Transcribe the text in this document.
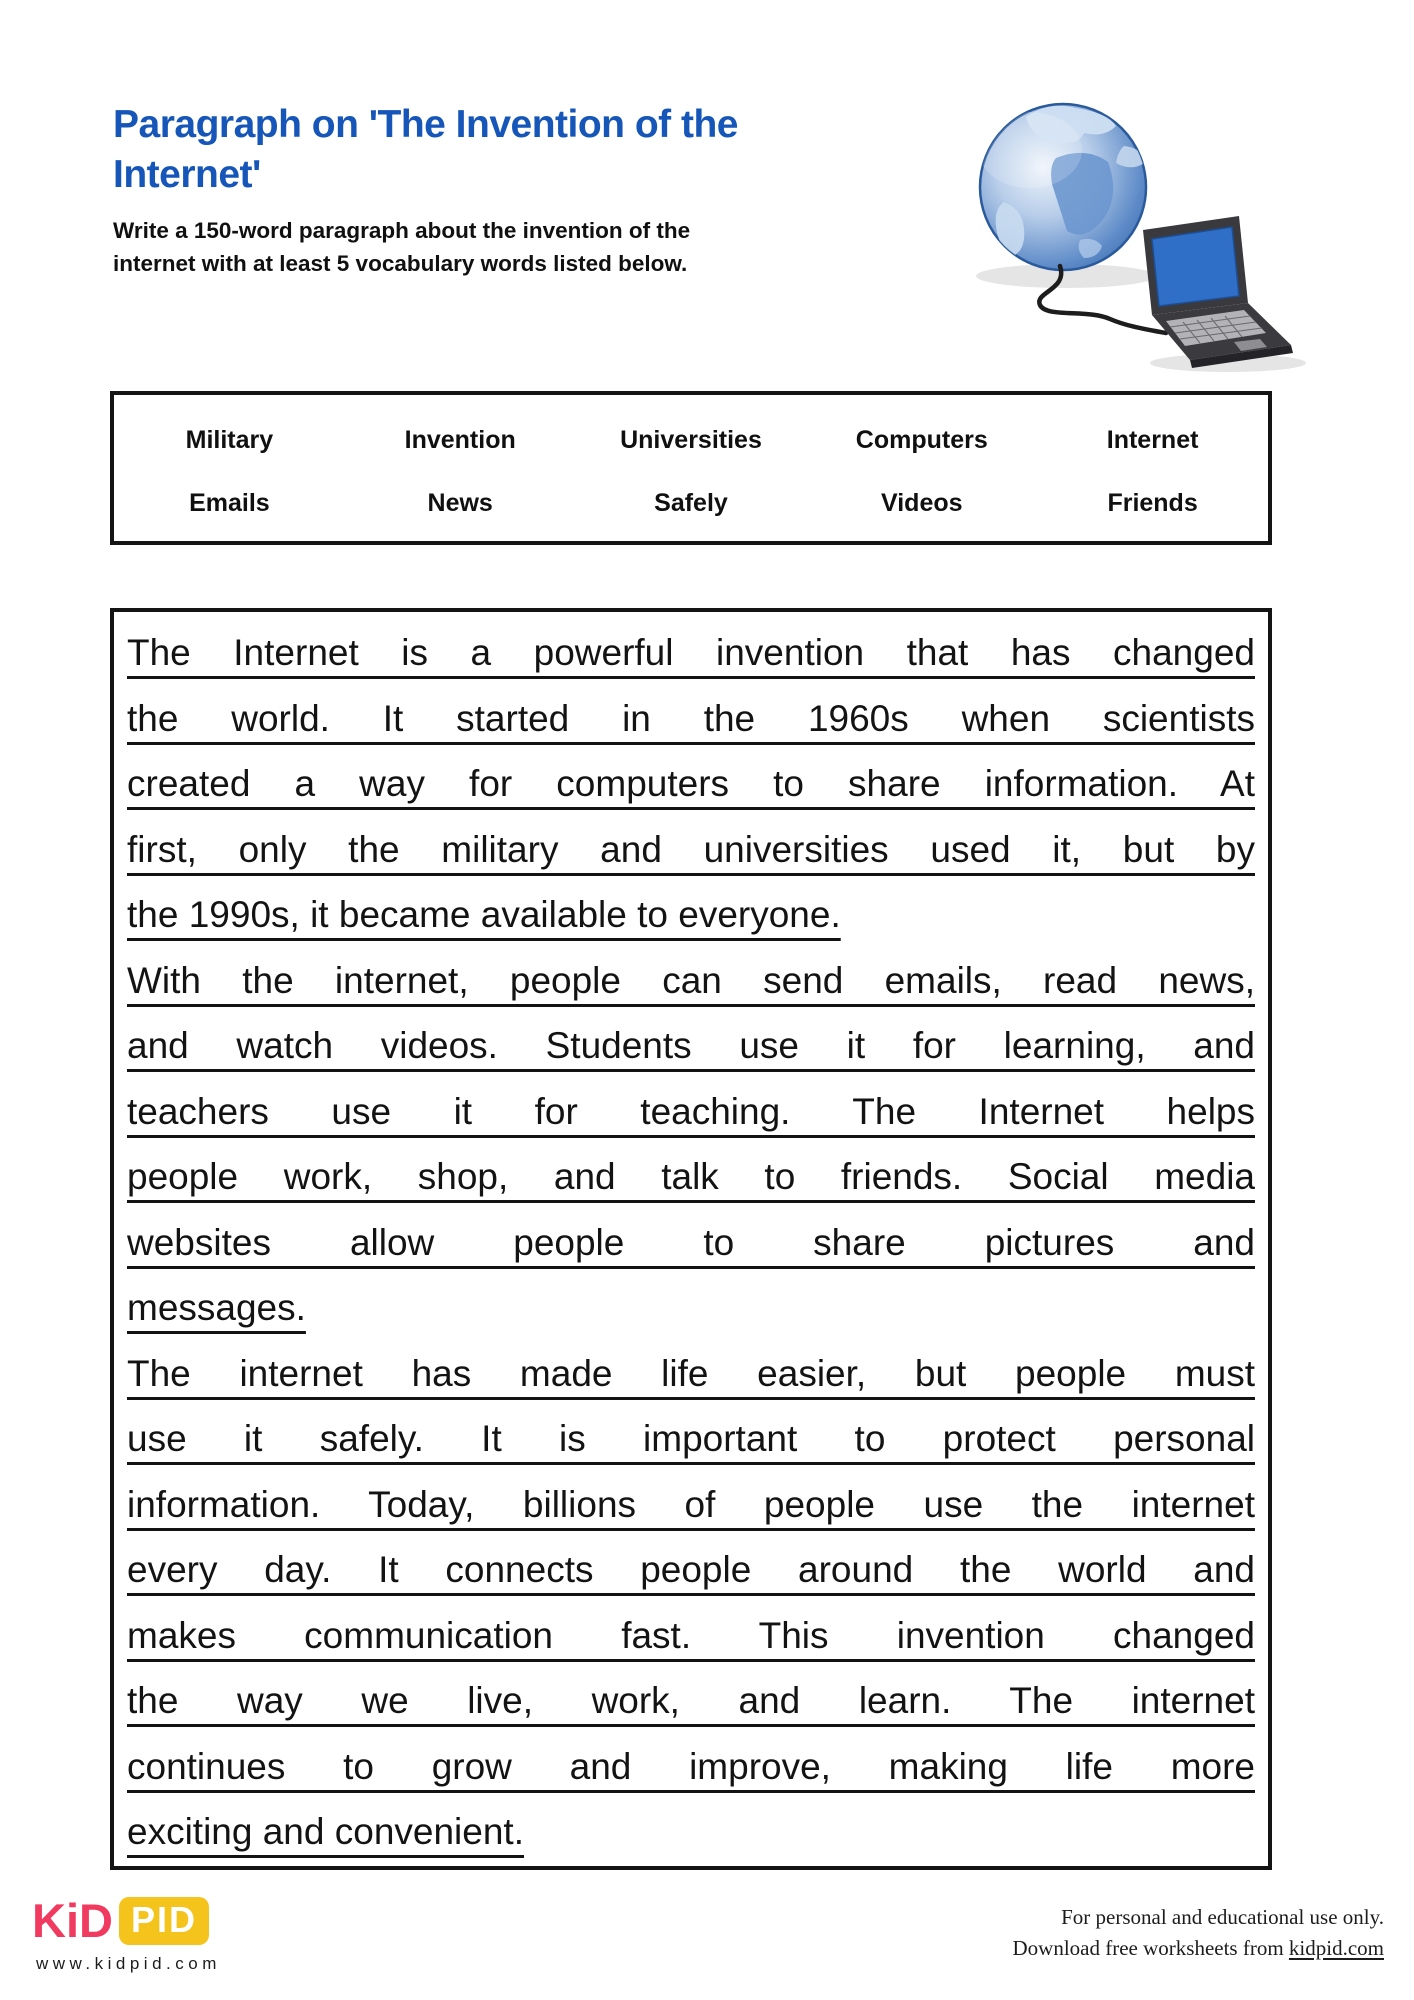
Paragraph on 'The Invention of the
Internet'
Write a 150-word paragraph about the invention of the
internet with at least 5 vocabulary words listed below.
Military	Invention	Universities	Computers	Internet
Emails	News	Safely	Videos	Friends
The Internet is a powerful invention that has changed
the world. It started in the 1960s when scientists
created a way for computers to share information. At
first, only the military and universities used it, but by
the 1990s, it became available to everyone.
With the internet, people can send emails, read news,
and watch videos. Students use it for learning, and
teachers use it for teaching. The Internet helps
people work, shop, and talk to friends. Social media
websites allow people to share pictures and
messages.
The internet has made life easier, but people must
use it safely. It is important to protect personal
information. Today, billions of people use the internet
every day. It connects people around the world and
makes communication fast. This invention changed
the way we live, work, and learn. The internet
continues to grow and improve, making life more
exciting and convenient.
KiD PID
www.kidpid.com
For personal and educational use only.
Download free worksheets from kidpid.com
